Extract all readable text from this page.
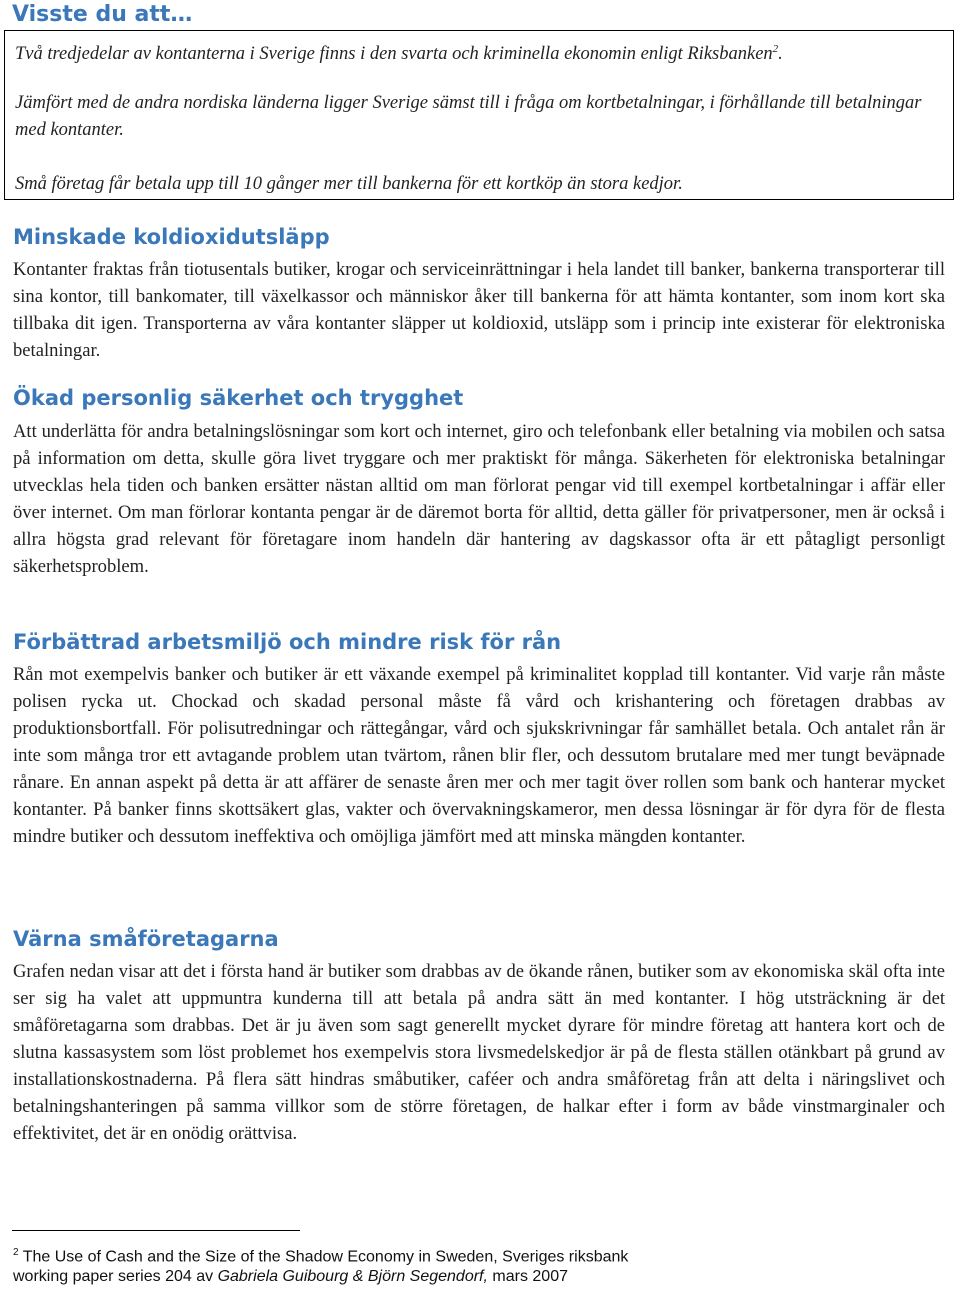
Visste du att…

Två tredjedelar av kontanterna i Sverige finns i den svarta och kriminella ekonomin enligt Riksbanken$^2$.

Jämfört med de andra nordiska länderna ligger Sverige sämst till i fråga om kortbetalningar, i förhållande till betalningar med kontanter.

Små företag får betala upp till 10 gånger mer till bankerna för ett kortköp än stora kedjor.

Minskade koldioxidutsläpp

Kontanter fraktas från tiotusentals butiker, krogar och serviceinrättningar i hela landet till banker, bankerna transporterar till sina kontor, till bankomater, till växelkassor och människor åker till bankerna för att hämta kontanter, som inom kort ska tillbaka dit igen. Transporterna av våra kontanter släpper ut koldioxid, utsläpp som i princip inte existerar för elektroniska betalningar.

Ökad personlig säkerhet och trygghet

Att underlätta för andra betalningslösningar som kort och internet, giro och telefonbank eller betalning via mobilen och satsa på information om detta, skulle göra livet tryggare och mer praktiskt för många. Säkerheten för elektroniska betalningar utvecklas hela tiden och banken ersätter nästan alltid om man förlorat pengar vid till exempel kortbetalningar i affär eller över internet. Om man förlorar kontanta pengar är de däremot borta för alltid, detta gäller för privatpersoner, men är också i allra högsta grad relevant för företagare inom handeln där hantering av dagskassor ofta är ett påtagligt personligt säkerhetsproblem.

Förbättrad arbetsmiljö och mindre risk för rån

Rån mot exempelvis banker och butiker är ett växande exempel på kriminalitet kopplad till kontanter. Vid varje rån måste polisen rycka ut. Chockad och skadad personal måste få vård och krishantering och företagen drabbas av produktionsbortfall. För polisutredningar och rättegångar, vård och sjukskrivningar får samhället betala. Och antalet rån är inte som många tror ett avtagande problem utan tvärtom, rånen blir fler, och dessutom brutalare med mer tungt beväpnade rånare. En annan aspekt på detta är att affärer de senaste åren mer och mer tagit över rollen som bank och hanterar mycket kontanter. På banker finns skottsäkert glas, vakter och övervakningskameror, men dessa lösningar är för dyra för de flesta mindre butiker och dessutom ineffektiva och omöjliga jämfört med att minska mängden kontanter.

Värna småföretagarna

Grafen nedan visar att det i första hand är butiker som drabbas av de ökande rånen, butiker som av ekonomiska skäl ofta inte ser sig ha valet att uppmuntra kunderna till att betala på andra sätt än med kontanter. I hög utsträckning är det småföretagarna som drabbas. Det är ju även som sagt generellt mycket dyrare för mindre företag att hantera kort och de slutna kassasystem som löst problemet hos exempelvis stora livsmedelskedjor är på de flesta ställen otänkbart på grund av installationskostnaderna. På flera sätt hindras småbutiker, caféer och andra småföretag från att delta i näringslivet och betalningshanteringen på samma villkor som de större företagen, de halkar efter i form av både vinstmarginaler och effektivitet, det är en onödig orättvisa.

$^2$ The Use of Cash and the Size of the Shadow Economy in Sweden, Sveriges riksbank

working paper series 204 av Gabriela Guibourg & Björn Segendorf, mars 2007
